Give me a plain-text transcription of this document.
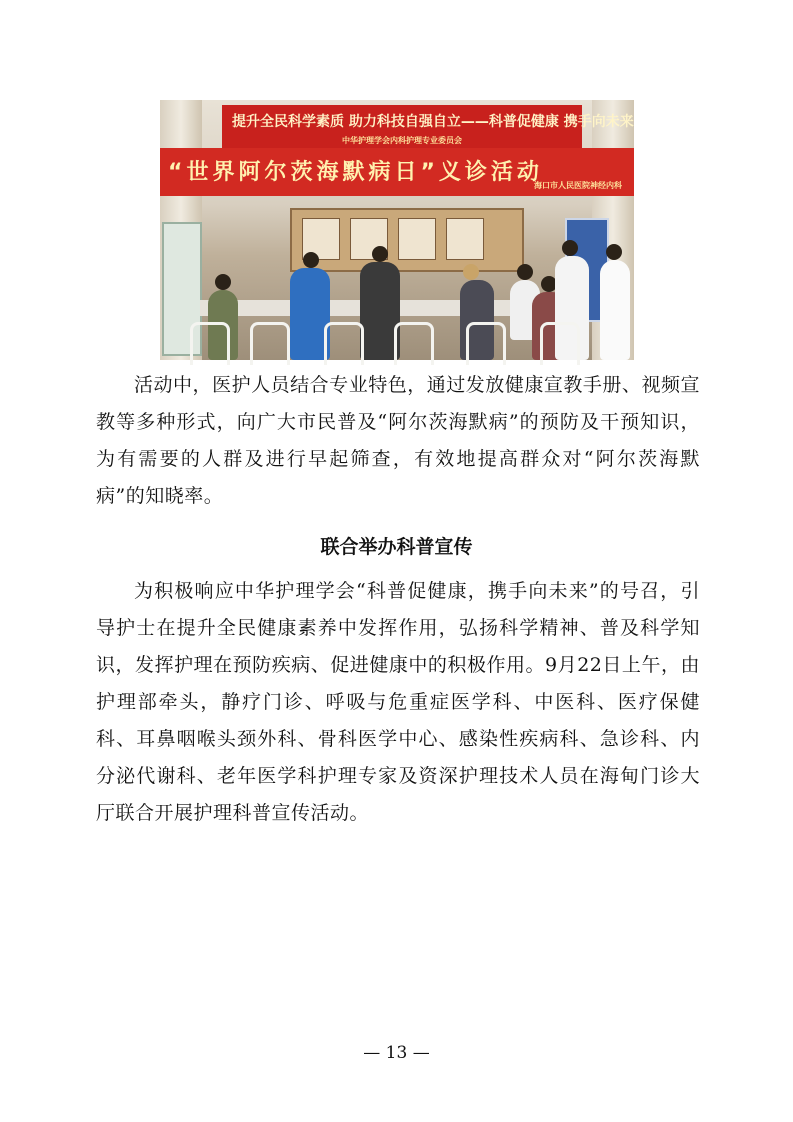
提升全民科学素质 助力科技自强自立——科普促健康 携手向未来
中华护理学会内科护理专业委员会
“世界阿尔茨海默病日”义诊活动
海口市人民医院神经内科

活动中，医护人员结合专业特色，通过发放健康宣教手册、视频宣教等多种形式，向广大市民普及“阿尔茨海默病”的预防及干预知识，为有需要的人群及进行早起筛查，有效地提高群众对“阿尔茨海默病”的知晓率。

联合举办科普宣传

为积极响应中华护理学会“科普促健康，携手向未来”的号召，引导护士在提升全民健康素养中发挥作用，弘扬科学精神、普及科学知识，发挥护理在预防疾病、促进健康中的积极作用。9月22日上午，由护理部牵头，静疗门诊、呼吸与危重症医学科、中医科、医疗保健科、耳鼻咽喉头颈外科、骨科医学中心、感染性疾病科、急诊科、内分泌代谢科、老年医学科护理专家及资深护理技术人员在海甸门诊大厅联合开展护理科普宣传活动。

— 13 —
